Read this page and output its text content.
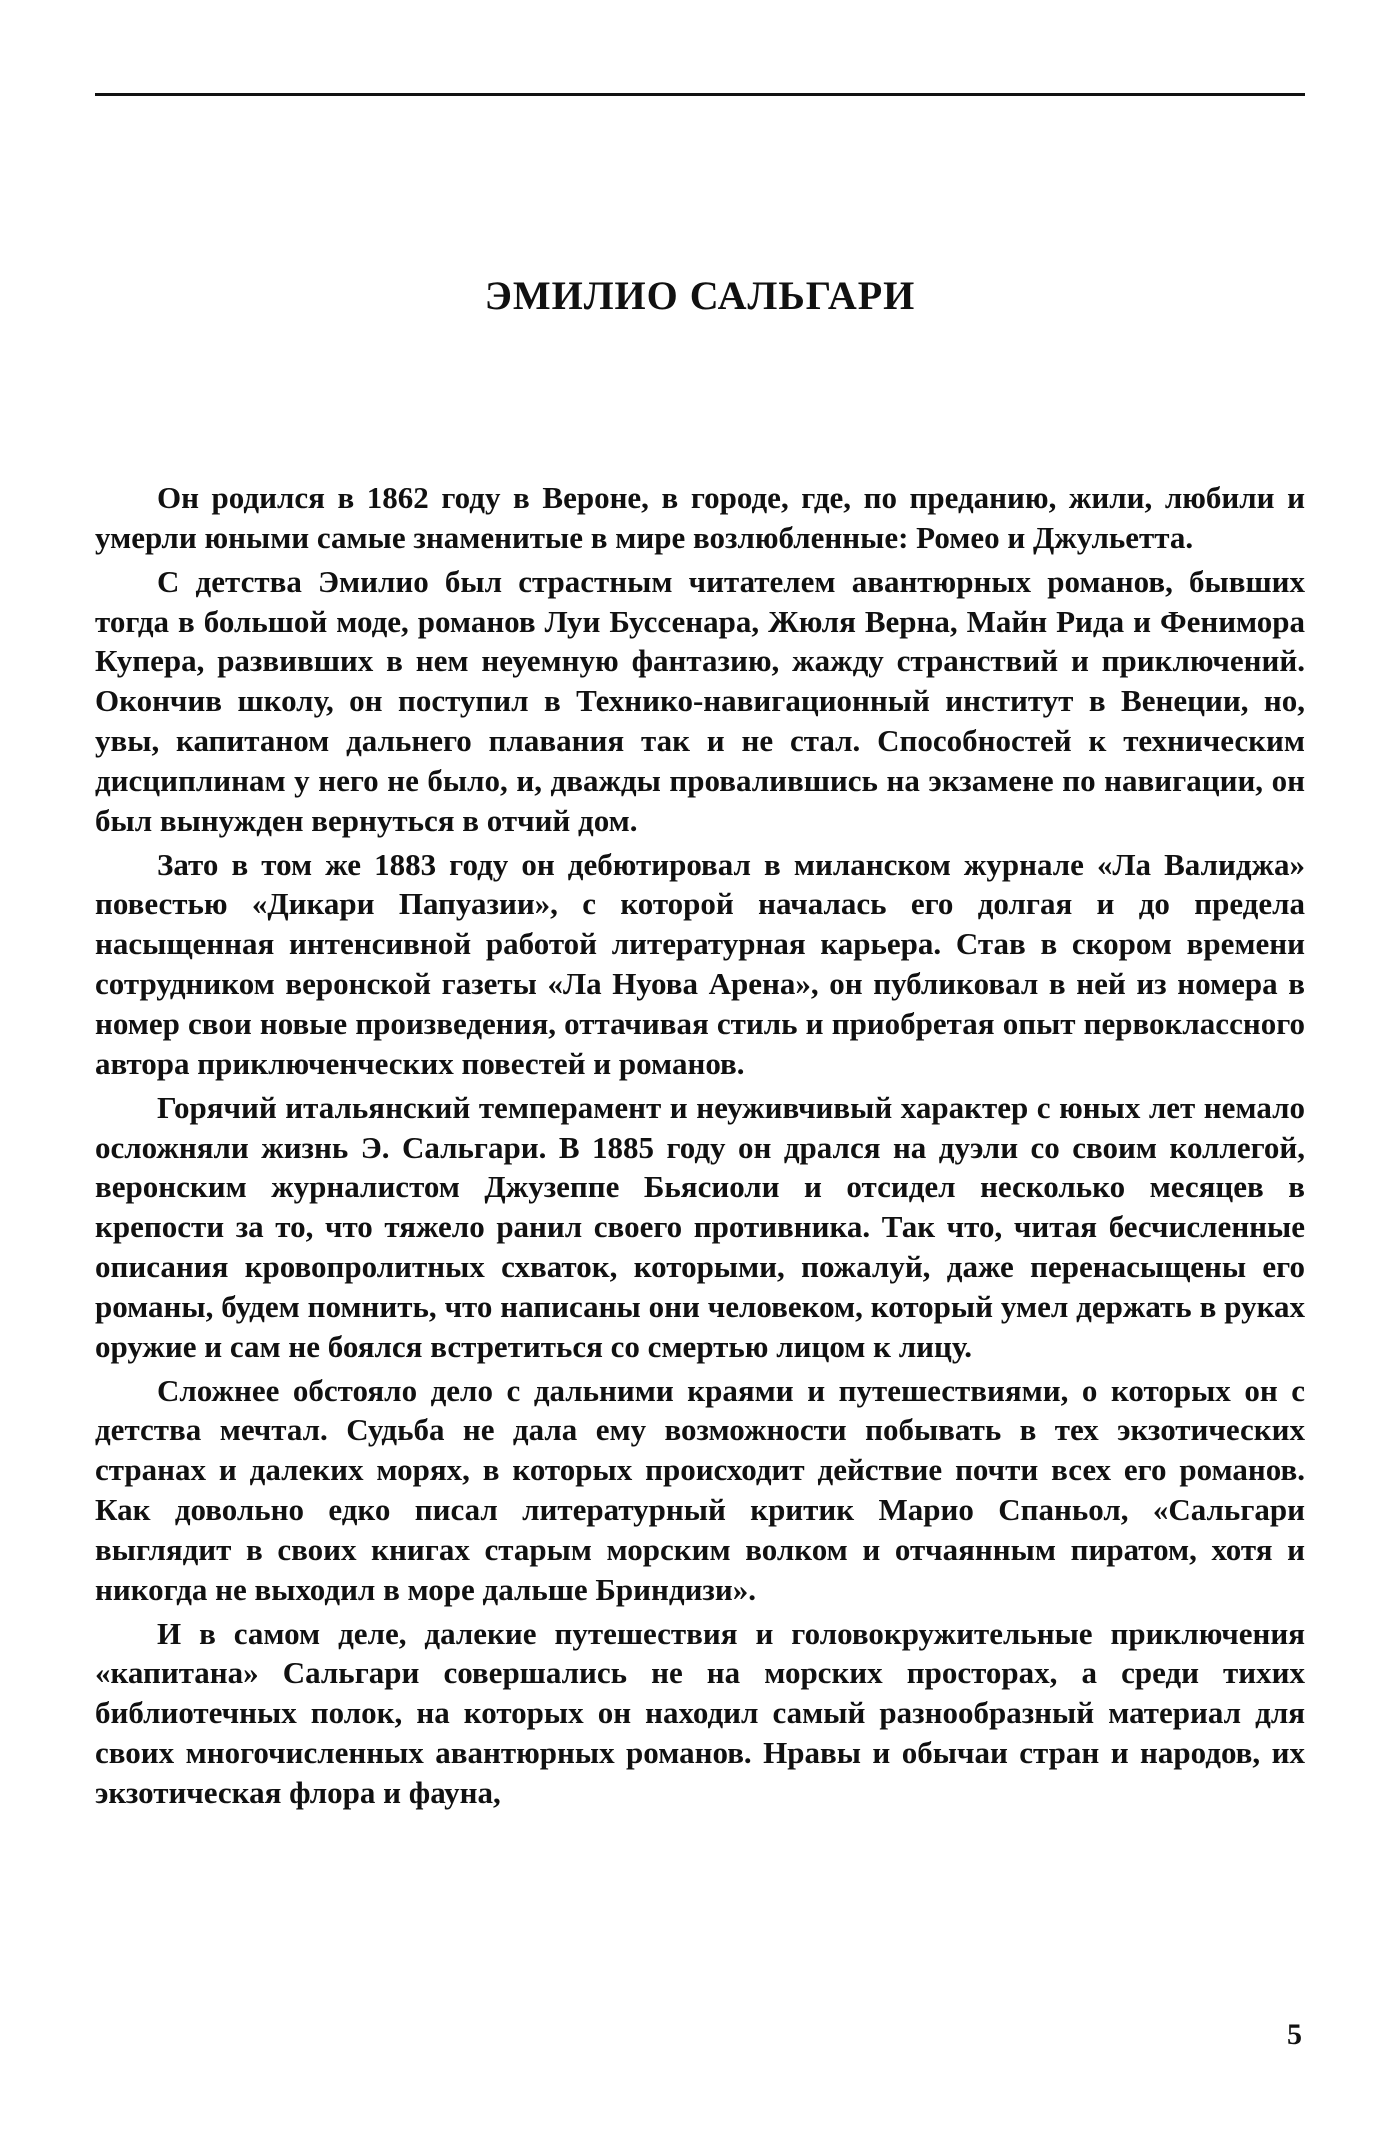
ЭМИЛИО САЛЬГАРИ

Он родился в 1862 году в Вероне, в городе, где, по преданию, жили, любили и умерли юными самые знаменитые в мире возлюбленные: Ромео и Джульетта.

С детства Эмилио был страстным читателем авантюрных романов, бывших тогда в большой моде, романов Луи Буссенара, Жюля Верна, Майн Рида и Фенимора Купера, развивших в нем неуемную фантазию, жажду странствий и приключений. Окончив школу, он поступил в Технико-навигационный институт в Венеции, но, увы, капитаном дальнего плавания так и не стал. Способностей к техническим дисциплинам у него не было, и, дважды провалившись на экзамене по навигации, он был вынужден вернуться в отчий дом.

Зато в том же 1883 году он дебютировал в миланском журнале «Ла Валиджа» повестью «Дикари Папуазии», с которой началась его долгая и до предела насыщенная интенсивной работой литературная карьера. Став в скором времени сотрудником веронской газеты «Ла Нуова Арена», он публиковал в ней из номера в номер свои новые произведения, оттачивая стиль и приобретая опыт первоклассного автора приключенческих повестей и романов.

Горячий итальянский темперамент и неуживчивый характер с юных лет немало осложняли жизнь Э. Сальгари. В 1885 году он дрался на дуэли со своим коллегой, веронским журналистом Джузеппе Бьясиоли и отсидел несколько месяцев в крепости за то, что тяжело ранил своего противника. Так что, читая бесчисленные описания кровопролитных схваток, которыми, пожалуй, даже перенасыщены его романы, будем помнить, что написаны они человеком, который умел держать в руках оружие и сам не боялся встретиться со смертью лицом к лицу.

Сложнее обстояло дело с дальними краями и путешествиями, о которых он с детства мечтал. Судьба не дала ему возможности побывать в тех экзотических странах и далеких морях, в которых происходит действие почти всех его романов. Как довольно едко писал литературный критик Марио Спаньол, «Сальгари выглядит в своих книгах старым морским волком и отчаянным пиратом, хотя и никогда не выходил в море дальше Бриндизи».

И в самом деле, далекие путешествия и головокружительные приключения «капитана» Сальгари совершались не на морских просторах, а среди тихих библиотечных полок, на которых он находил самый разнообразный материал для своих многочисленных авантюрных романов. Нравы и обычаи стран и народов, их экзотическая флора и фауна,

5
